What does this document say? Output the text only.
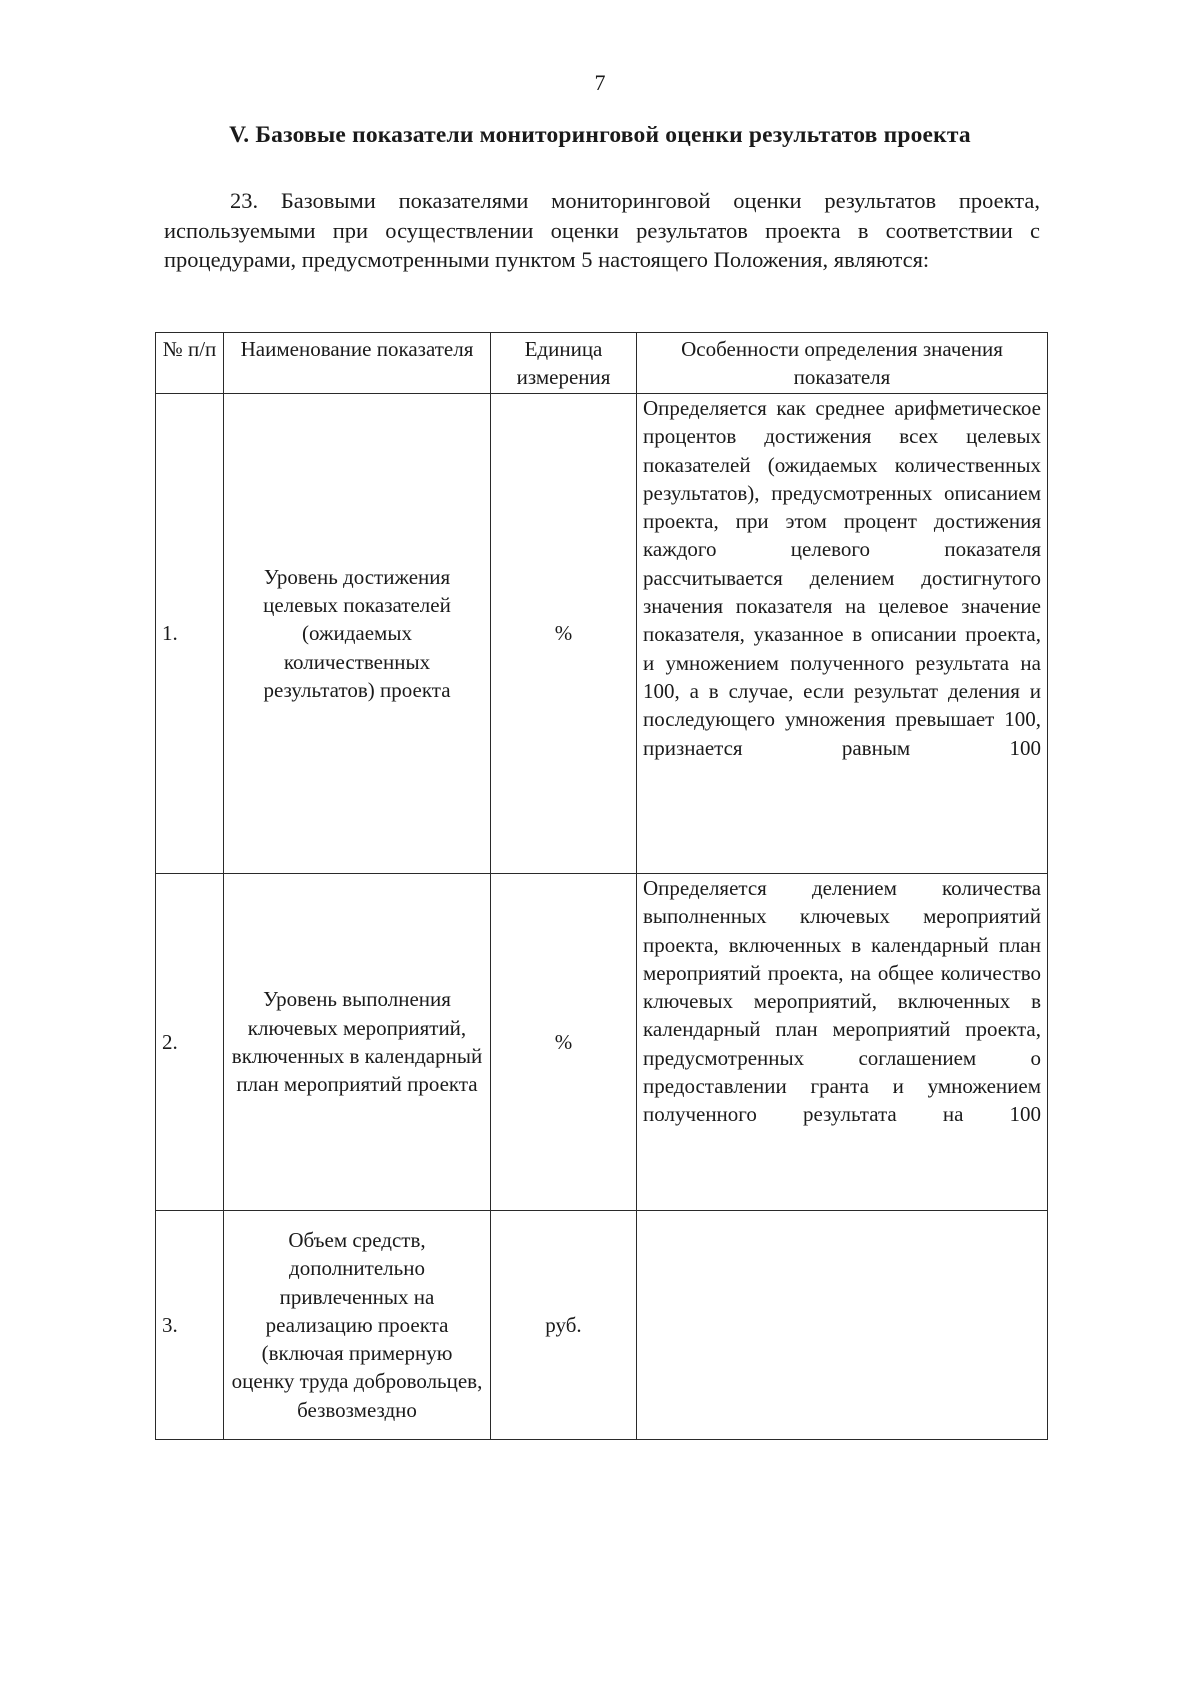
7
V. Базовые показатели мониторинговой оценки результатов проекта
23. Базовыми показателями мониторинговой оценки результатов проекта, используемыми при осуществлении оценки результатов проекта в соответствии с процедурами, предусмотренными пунктом 5 настоящего Положения, являются:
№ п/п	Наименование показателя	Единица измерения	Особенности определения значения показателя
1.	Уровень достижения целевых показателей (ожидаемых количественных результатов) проекта	%	Определяется как среднее арифметическое процентов достижения всех целевых показателей (ожидаемых количественных результатов), предусмотренных описанием проекта, при этом процент достижения каждого целевого показателя рассчитывается делением достигнутого значения показателя на целевое значение показателя, указанное в описании проекта, и умножением полученного результата на 100, а в случае, если результат деления и последующего умножения превышает 100, признается равным 100
2.	Уровень выполнения ключевых мероприятий, включенных в календарный план мероприятий проекта	%	Определяется делением количества выполненных ключевых мероприятий проекта, включенных в календарный план мероприятий проекта, на общее количество ключевых мероприятий, включенных в календарный план мероприятий проекта, предусмотренных соглашением о предоставлении гранта и умножением полученного результата на 100
3.	Объем средств, дополнительно привлеченных на реализацию проекта (включая примерную оценку труда добровольцев, безвозмездно	руб.	
